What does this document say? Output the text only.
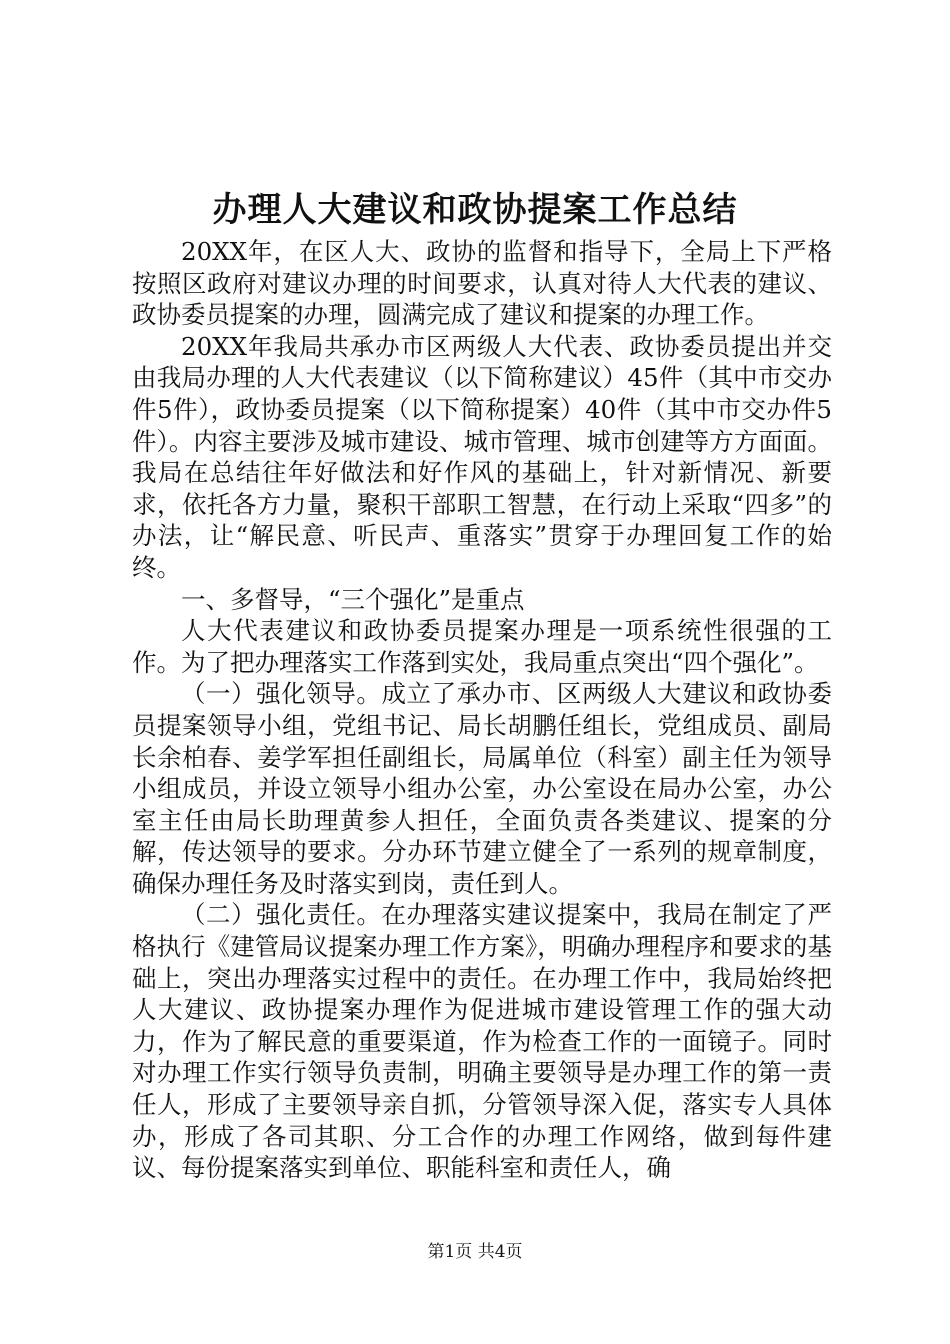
办理人大建议和政协提案工作总结

20XX年，在区人大、政协的监督和指导下，全局上下严格按照区政府对建议办理的时间要求，认真对待人大代表的建议、政协委员提案的办理，圆满完成了建议和提案的办理工作。

20XX年我局共承办市区两级人大代表、政协委员提出并交由我局办理的人大代表建议（以下简称建议）45件（其中市交办件5件），政协委员提案（以下简称提案）40件（其中市交办件5件）。内容主要涉及城市建设、城市管理、城市创建等方方面面。我局在总结往年好做法和好作风的基础上，针对新情况、新要求，依托各方力量，聚积干部职工智慧，在行动上采取“四多”的办法，让“解民意、听民声、重落实”贯穿于办理回复工作的始终。

一、多督导，“三个强化”是重点

人大代表建议和政协委员提案办理是一项系统性很强的工作。为了把办理落实工作落到实处，我局重点突出“四个强化”。

（一）强化领导。成立了承办市、区两级人大建议和政协委员提案领导小组，党组书记、局长胡鹏任组长，党组成员、副局长余柏春、姜学军担任副组长，局属单位（科室）副主任为领导小组成员，并设立领导小组办公室，办公室设在局办公室，办公室主任由局长助理黄参人担任，全面负责各类建议、提案的分解，传达领导的要求。分办环节建立健全了一系列的规章制度，确保办理任务及时落实到岗，责任到人。

（二）强化责任。在办理落实建议提案中，我局在制定了严格执行《建管局议提案办理工作方案》，明确办理程序和要求的基础上，突出办理落实过程中的责任。在办理工作中，我局始终把人大建议、政协提案办理作为促进城市建设管理工作的强大动力，作为了解民意的重要渠道，作为检查工作的一面镜子。同时对办理工作实行领导负责制，明确主要领导是办理工作的第一责任人，形成了主要领导亲自抓，分管领导深入促，落实专人具体办，形成了各司其职、分工合作的办理工作网络，做到每件建议、每份提案落实到单位、职能科室和责任人，确

第1页 共4页
